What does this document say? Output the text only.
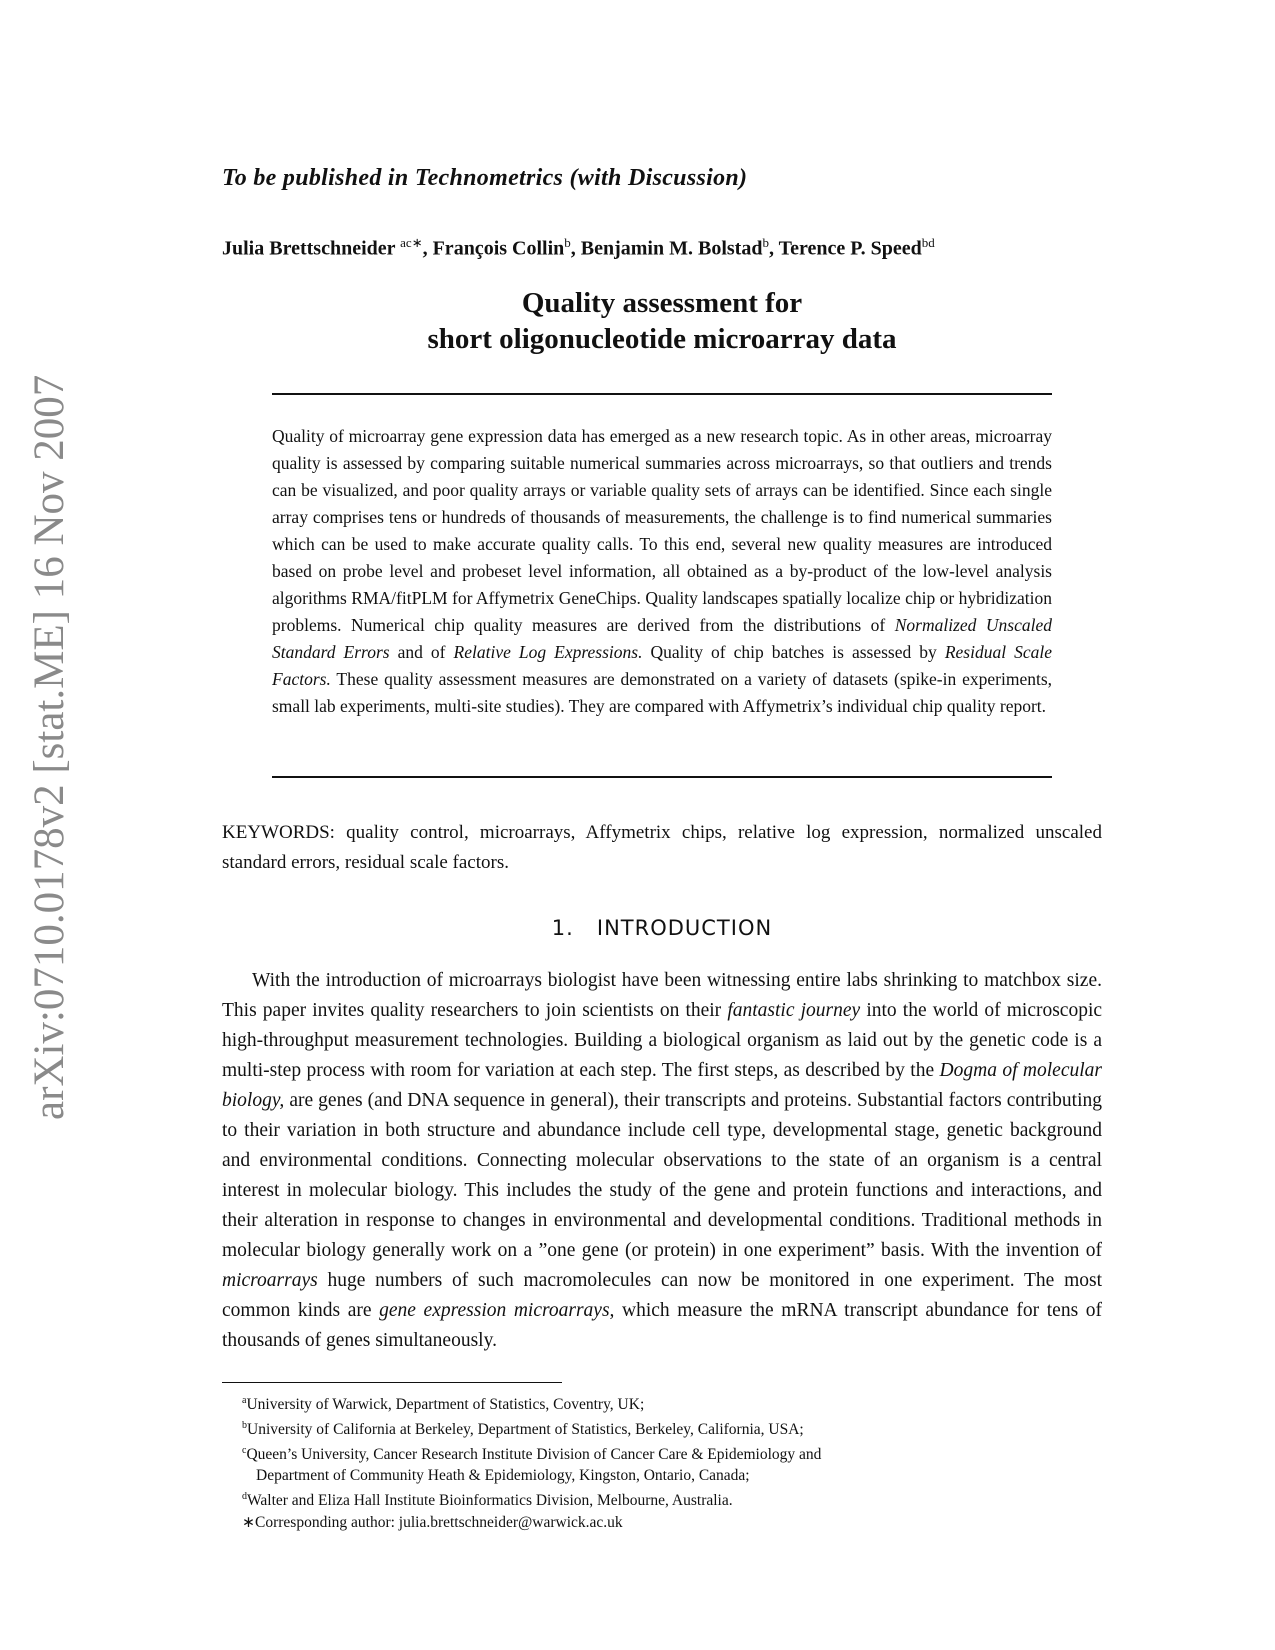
arXiv:0710.0178v2 [stat.ME] 16 Nov 2007
To be published in Technometrics (with Discussion)
Julia Brettschneider $^{ac∗}$, François Collin$^b$, Benjamin M. Bolstad$^b$, Terence P. Speed$^{bd}$
Quality assessment for
short oligonucleotide microarray data
Quality of microarray gene expression data has emerged as a new research topic. As in other areas, microarray quality is assessed by comparing suitable numerical summaries across microarrays, so that outliers and trends can be visualized, and poor quality arrays or variable quality sets of arrays can be identified. Since each single array comprises tens or hundreds of thousands of measurements, the challenge is to find numerical summaries which can be used to make accurate quality calls. To this end, several new quality measures are introduced based on probe level and probeset level information, all obtained as a by-product of the low-level analysis algorithms RMA/fitPLM for Affymetrix GeneChips. Quality landscapes spatially localize chip or hybridization problems. Numerical chip quality measures are derived from the distributions of Normalized Unscaled Standard Errors and of Relative Log Expressions. Quality of chip batches is assessed by Residual Scale Factors. These quality assessment measures are demonstrated on a variety of datasets (spike-in experiments, small lab experiments, multi-site studies). They are compared with Affymetrix’s individual chip quality report.
KEYWORDS: quality control, microarrays, Affymetrix chips, relative log expression, normalized unscaled standard errors, residual scale factors.
1. INTRODUCTION
With the introduction of microarrays biologist have been witnessing entire labs shrinking to matchbox size. This paper invites quality researchers to join scientists on their fantastic journey into the world of microscopic high-throughput measurement technologies. Building a biological organism as laid out by the genetic code is a multi-step process with room for variation at each step. The first steps, as described by the Dogma of molecular biology, are genes (and DNA sequence in general), their transcripts and proteins. Substantial factors contributing to their variation in both structure and abundance include cell type, developmental stage, genetic background and environmental conditions. Connecting molecular observations to the state of an organism is a central interest in molecular biology. This includes the study of the gene and protein functions and interactions, and their alteration in response to changes in environmental and developmental conditions. Traditional methods in molecular biology generally work on a ”one gene (or protein) in one experiment” basis. With the invention of microarrays huge numbers of such macromolecules can now be monitored in one experiment. The most common kinds are gene expression microarrays, which measure the mRNA transcript abundance for tens of thousands of genes simultaneously.
$^a$University of Warwick, Department of Statistics, Coventry, UK;
$^b$University of California at Berkeley, Department of Statistics, Berkeley, California, USA;
$^c$Queen’s University, Cancer Research Institute Division of Cancer Care & Epidemiology and
Department of Community Heath & Epidemiology, Kingston, Ontario, Canada;
$^d$Walter and Eliza Hall Institute Bioinformatics Division, Melbourne, Australia.
∗Corresponding author: julia.brettschneider@warwick.ac.uk
